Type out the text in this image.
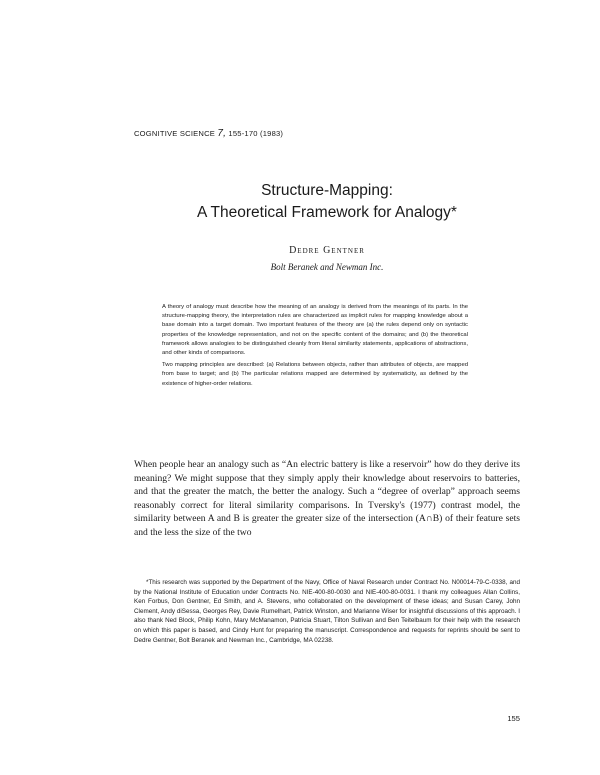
COGNITIVE SCIENCE 7, 155-170 (1983)
Structure-Mapping:
A Theoretical Framework for Analogy*
Dedre Gentner
Bolt Beranek and Newman Inc.

A theory of analogy must describe how the meaning of an analogy is derived from the meanings of its parts. In the structure-mapping theory, the interpretation rules are characterized as implicit rules for mapping knowledge about a base domain into a target domain. Two important features of the theory are (a) the rules depend only on syntactic properties of the knowledge representation, and not on the specific content of the domains; and (b) the theoretical framework allows analogies to be distinguished cleanly from literal similarity statements, applications of abstractions, and other kinds of comparisons.

Two mapping principles are described: (a) Relations between objects, rather than attributes of objects, are mapped from base to target; and (b) The particular relations mapped are determined by systematicity, as defined by the existence of higher-order relations.

When people hear an analogy such as “An electric battery is like a reservoir” how do they derive its meaning? We might suppose that they simply apply their knowledge about reservoirs to batteries, and that the greater the match, the better the analogy. Such a “degree of overlap” approach seems reasonably correct for literal similarity comparisons. In Tversky's (1977) contrast model, the similarity between A and B is greater the greater size of the intersection (A∩B) of their feature sets and the less the size of the two

*This research was supported by the Department of the Navy, Office of Naval Research under Contract No. N00014-79-C-0338, and by the National Institute of Education under Contracts No. NIE-400-80-0030 and NIE-400-80-0031. I thank my colleagues Allan Collins, Ken Forbus, Don Gentner, Ed Smith, and A. Stevens, who collaborated on the development of these ideas; and Susan Carey, John Clement, Andy diSessa, Georges Rey, Davie Rumelhart, Patrick Winston, and Marianne Wiser for insightful discussions of this approach. I also thank Ned Block, Philip Kohn, Mary McManamon, Patricia Stuart, Tilton Sullivan and Ben Teitelbaum for their help with the research on which this paper is based, and Cindy Hunt for preparing the manuscript. Correspondence and requests for reprints should be sent to Dedre Gentner, Bolt Beranek and Newman Inc., Cambridge, MA 02238.

155
